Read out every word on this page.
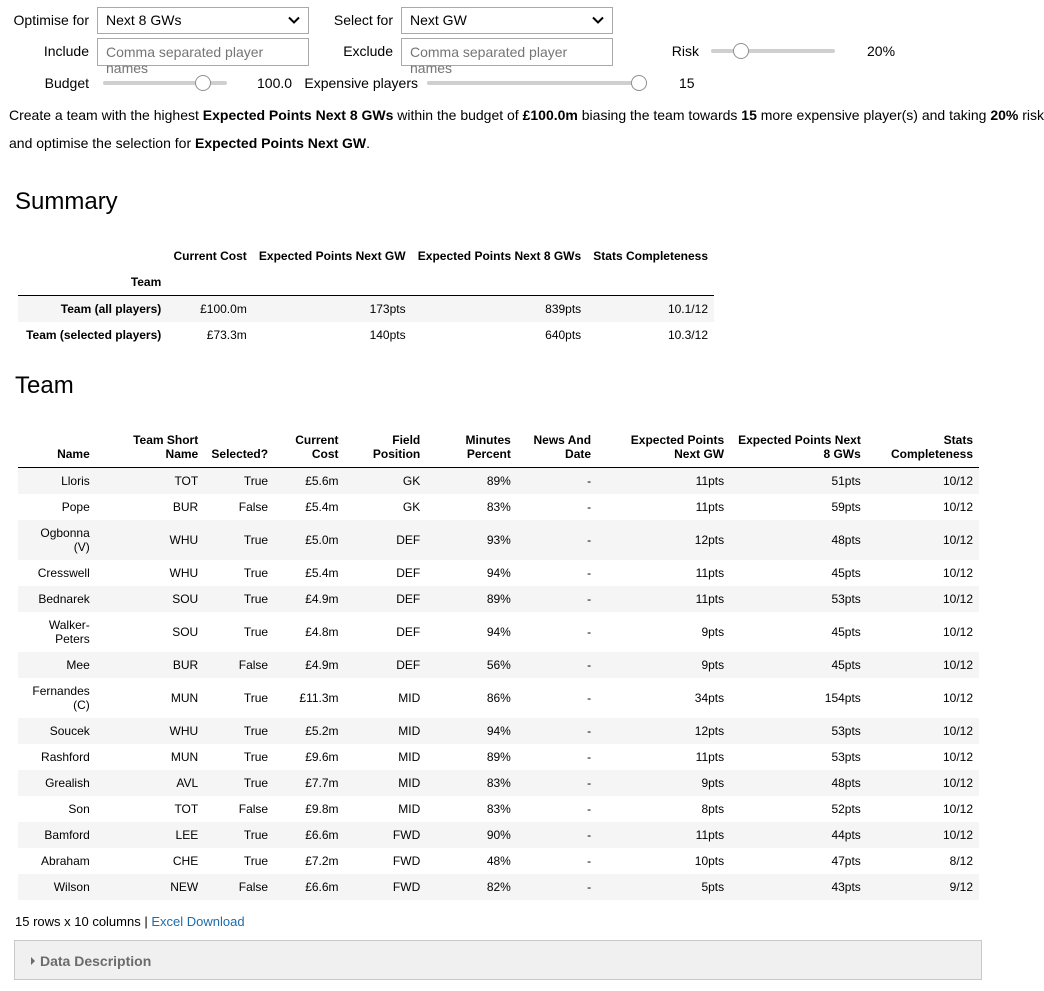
Optimise for	Next 8 GWs	Select for	Next GW
Include	Comma separated player names
Exclude	Comma separated player names
Risk	20%
Budget	100.0 Expensive players	15
Create a team with the highest Expected Points Next 8 GWs within the budget of £100.0m biasing the team towards 15 more expensive player(s) and taking 20% risk
and optimise the selection for Expected Points Next GW.
Summary
	Current Cost	Expected Points Next GW	Expected Points Next 8 GWs	Stats Completeness
Team				
Team (all players)	£100.0m	173pts	839pts	10.1/12
Team (selected players)	£73.3m	140pts	640pts	10.3/12
Team
Name	Team Short Name	Selected?	Current Cost	Field Position	Minutes Percent	News And Date	Expected Points Next GW	Expected Points Next 8 GWs	Stats Completeness
Lloris	TOT	True	£5.6m	GK	89%	-	11pts	51pts	10/12
Pope	BUR	False	£5.4m	GK	83%	-	11pts	59pts	10/12
Ogbonna (V)	WHU	True	£5.0m	DEF	93%	-	12pts	48pts	10/12
Cresswell	WHU	True	£5.4m	DEF	94%	-	11pts	45pts	10/12
Bednarek	SOU	True	£4.9m	DEF	89%	-	11pts	53pts	10/12
Walker-Peters	SOU	True	£4.8m	DEF	94%	-	9pts	45pts	10/12
Mee	BUR	False	£4.9m	DEF	56%	-	9pts	45pts	10/12
Fernandes (C)	MUN	True	£11.3m	MID	86%	-	34pts	154pts	10/12
Soucek	WHU	True	£5.2m	MID	94%	-	12pts	53pts	10/12
Rashford	MUN	True	£9.6m	MID	89%	-	11pts	53pts	10/12
Grealish	AVL	True	£7.7m	MID	83%	-	9pts	48pts	10/12
Son	TOT	False	£9.8m	MID	83%	-	8pts	52pts	10/12
Bamford	LEE	True	£6.6m	FWD	90%	-	11pts	44pts	10/12
Abraham	CHE	True	£7.2m	FWD	48%	-	10pts	47pts	8/12
Wilson	NEW	False	£6.6m	FWD	82%	-	5pts	43pts	9/12
15 rows x 10 columns | Excel Download
Data Description
